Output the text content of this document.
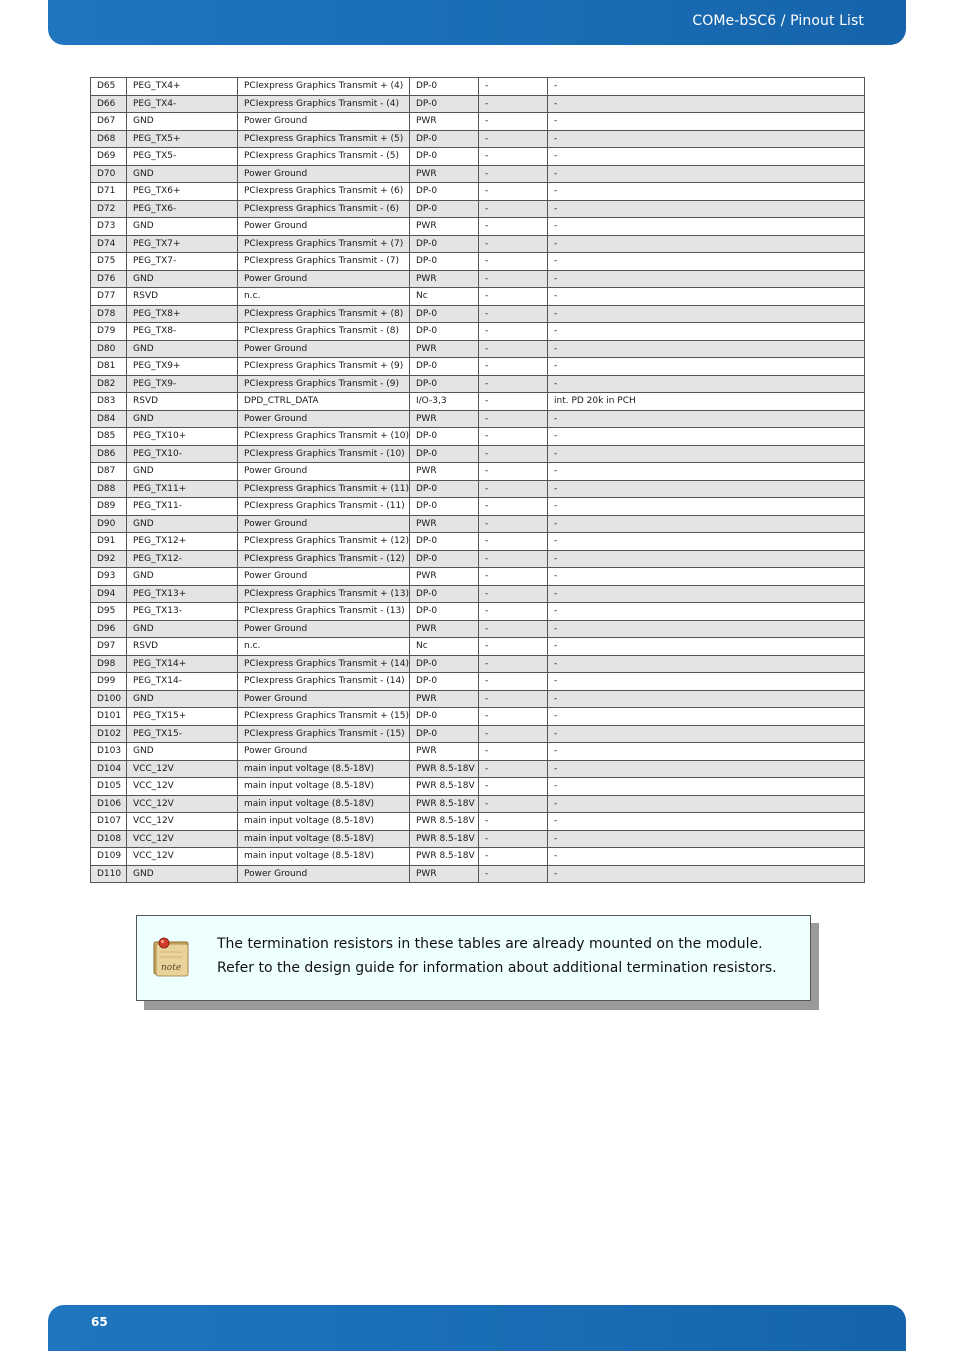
COMe-bSC6 / Pinout List
D65	PEG_TX4+	PCIexpress Graphics Transmit + (4)	DP-0	-	-
D66	PEG_TX4-	PCIexpress Graphics Transmit - (4)	DP-0	-	-
D67	GND	Power Ground	PWR	-	-
D68	PEG_TX5+	PCIexpress Graphics Transmit + (5)	DP-0	-	-
D69	PEG_TX5-	PCIexpress Graphics Transmit - (5)	DP-0	-	-
D70	GND	Power Ground	PWR	-	-
D71	PEG_TX6+	PCIexpress Graphics Transmit + (6)	DP-0	-	-
D72	PEG_TX6-	PCIexpress Graphics Transmit - (6)	DP-0	-	-
D73	GND	Power Ground	PWR	-	-
D74	PEG_TX7+	PCIexpress Graphics Transmit + (7)	DP-0	-	-
D75	PEG_TX7-	PCIexpress Graphics Transmit - (7)	DP-0	-	-
D76	GND	Power Ground	PWR	-	-
D77	RSVD	n.c.	Nc	-	-
D78	PEG_TX8+	PCIexpress Graphics Transmit + (8)	DP-0	-	-
D79	PEG_TX8-	PCIexpress Graphics Transmit - (8)	DP-0	-	-
D80	GND	Power Ground	PWR	-	-
D81	PEG_TX9+	PCIexpress Graphics Transmit + (9)	DP-0	-	-
D82	PEG_TX9-	PCIexpress Graphics Transmit - (9)	DP-0	-	-
D83	RSVD	DPD_CTRL_DATA	I/O-3,3	-	int. PD 20k in PCH
D84	GND	Power Ground	PWR	-	-
D85	PEG_TX10+	PCIexpress Graphics Transmit + (10)	DP-0	-	-
D86	PEG_TX10-	PCIexpress Graphics Transmit - (10)	DP-0	-	-
D87	GND	Power Ground	PWR	-	-
D88	PEG_TX11+	PCIexpress Graphics Transmit + (11)	DP-0	-	-
D89	PEG_TX11-	PCIexpress Graphics Transmit - (11)	DP-0	-	-
D90	GND	Power Ground	PWR	-	-
D91	PEG_TX12+	PCIexpress Graphics Transmit + (12)	DP-0	-	-
D92	PEG_TX12-	PCIexpress Graphics Transmit - (12)	DP-0	-	-
D93	GND	Power Ground	PWR	-	-
D94	PEG_TX13+	PCIexpress Graphics Transmit + (13)	DP-0	-	-
D95	PEG_TX13-	PCIexpress Graphics Transmit - (13)	DP-0	-	-
D96	GND	Power Ground	PWR	-	-
D97	RSVD	n.c.	Nc	-	-
D98	PEG_TX14+	PCIexpress Graphics Transmit + (14)	DP-0	-	-
D99	PEG_TX14-	PCIexpress Graphics Transmit - (14)	DP-0	-	-
D100	GND	Power Ground	PWR	-	-
D101	PEG_TX15+	PCIexpress Graphics Transmit + (15)	DP-0	-	-
D102	PEG_TX15-	PCIexpress Graphics Transmit - (15)	DP-0	-	-
D103	GND	Power Ground	PWR	-	-
D104	VCC_12V	main input voltage (8.5-18V)	PWR 8.5-18V	-	-
D105	VCC_12V	main input voltage (8.5-18V)	PWR 8.5-18V	-	-
D106	VCC_12V	main input voltage (8.5-18V)	PWR 8.5-18V	-	-
D107	VCC_12V	main input voltage (8.5-18V)	PWR 8.5-18V	-	-
D108	VCC_12V	main input voltage (8.5-18V)	PWR 8.5-18V	-	-
D109	VCC_12V	main input voltage (8.5-18V)	PWR 8.5-18V	-	-
D110	GND	Power Ground	PWR	-	-
note
The termination resistors in these tables are already mounted on the module. Refer to the design guide for information about additional termination resistors.
65
